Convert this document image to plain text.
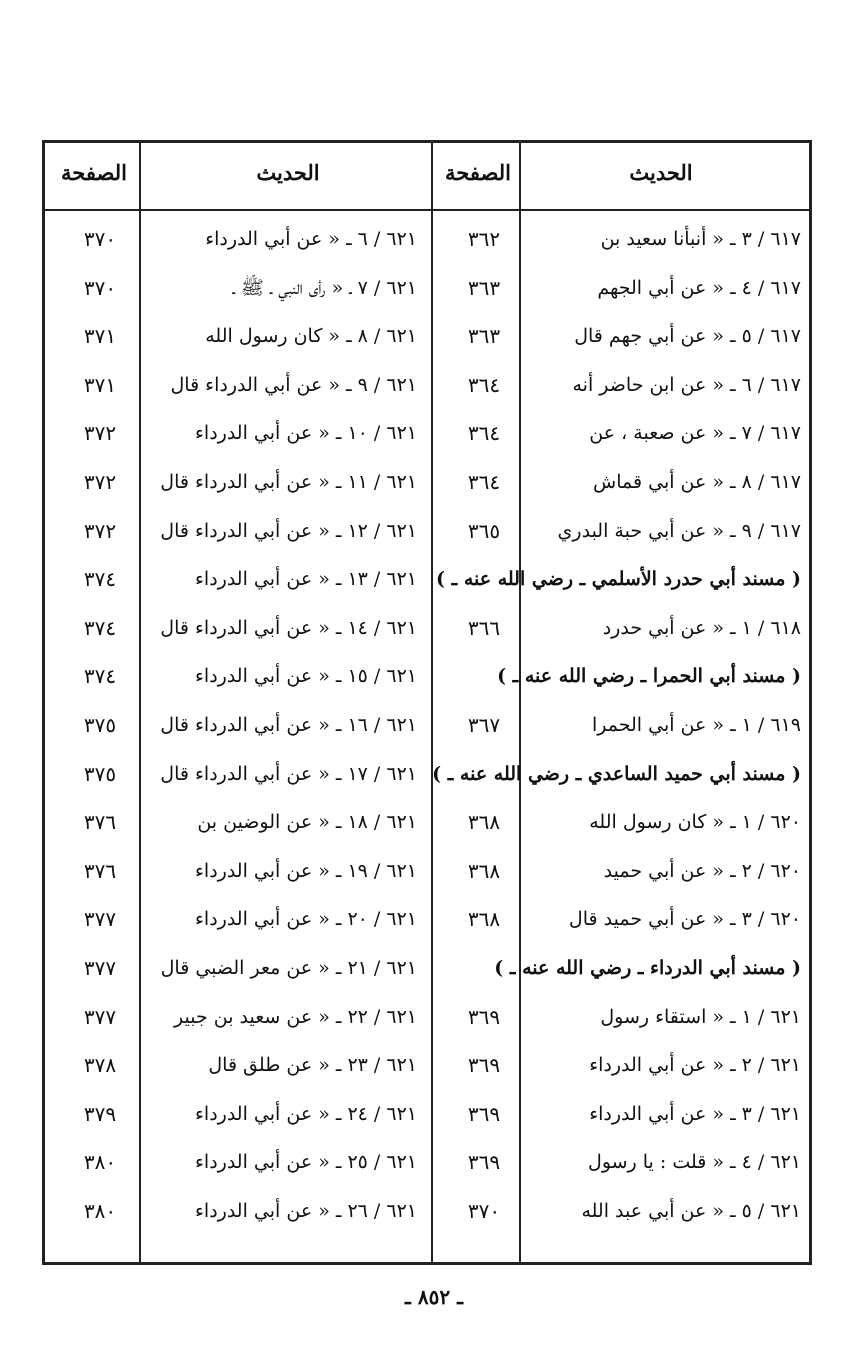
الحديث
الصفحة
الحديث
الصفحة
٦١٧ / ٣ ـ « أنبأنا سعيد بن
٣٦٢
٦٢١ / ٦ ـ « عن أبي الدرداء
٣٧٠
٦١٧ / ٤ ـ « عن أبي الجهم
٣٦٣
٦٢١ / ٧ ـ « رأى النبي ـ ﷺ ـ
٣٧٠
٦١٧ / ٥ ـ « عن أبي جهم قال
٣٦٣
٦٢١ / ٨ ـ « كان رسول الله
٣٧١
٦١٧ / ٦ ـ « عن ابن حاضر أنه
٣٦٤
٦٢١ / ٩ ـ « عن أبي الدرداء قال
٣٧١
٦١٧ / ٧ ـ « عن صعبة ، عن
٣٦٤
٦٢١ / ١٠ ـ « عن أبي الدرداء
٣٧٢
٦١٧ / ٨ ـ « عن أبي قماش
٣٦٤
٦٢١ / ١١ ـ « عن أبي الدرداء قال
٣٧٢
٦١٧ / ٩ ـ « عن أبي حبة البدري
٣٦٥
٦٢١ / ١٢ ـ « عن أبي الدرداء قال
٣٧٢
( مسند أبي حدرد الأسلمي ـ رضي الله عنه ـ )
٦٢١ / ١٣ ـ « عن أبي الدرداء
٣٧٤
٦١٨ / ١ ـ « عن أبي حدرد
٣٦٦
٦٢١ / ١٤ ـ « عن أبي الدرداء قال
٣٧٤
( مسند أبي الحمرا ـ رضي الله عنه ـ )
٦٢١ / ١٥ ـ « عن أبي الدرداء
٣٧٤
٦١٩ / ١ ـ « عن أبي الحمرا
٣٦٧
٦٢١ / ١٦ ـ « عن أبي الدرداء قال
٣٧٥
( مسند أبي حميد الساعدي ـ رضي الله عنه ـ )
٦٢١ / ١٧ ـ « عن أبي الدرداء قال
٣٧٥
٦٢٠ / ١ ـ « كان رسول الله
٣٦٨
٦٢١ / ١٨ ـ « عن الوضين بن
٣٧٦
٦٢٠ / ٢ ـ « عن أبي حميد
٣٦٨
٦٢١ / ١٩ ـ « عن أبي الدرداء
٣٧٦
٦٢٠ / ٣ ـ « عن أبي حميد قال
٣٦٨
٦٢١ / ٢٠ ـ « عن أبي الدرداء
٣٧٧
( مسند أبي الدرداء ـ رضي الله عنه ـ )
٦٢١ / ٢١ ـ « عن معر الضبي قال
٣٧٧
٦٢١ / ١ ـ « استقاء رسول
٣٦٩
٦٢١ / ٢٢ ـ « عن سعيد بن جبير
٣٧٧
٦٢١ / ٢ ـ « عن أبي الدرداء
٣٦٩
٦٢١ / ٢٣ ـ « عن طلق قال
٣٧٨
٦٢١ / ٣ ـ « عن أبي الدرداء
٣٦٩
٦٢١ / ٢٤ ـ « عن أبي الدرداء
٣٧٩
٦٢١ / ٤ ـ « قلت : يا رسول
٣٦٩
٦٢١ / ٢٥ ـ « عن أبي الدرداء
٣٨٠
٦٢١ / ٥ ـ « عن أبي عبد الله
٣٧٠
٦٢١ / ٢٦ ـ « عن أبي الدرداء
٣٨٠
ـ ٨٥٢ ـ
